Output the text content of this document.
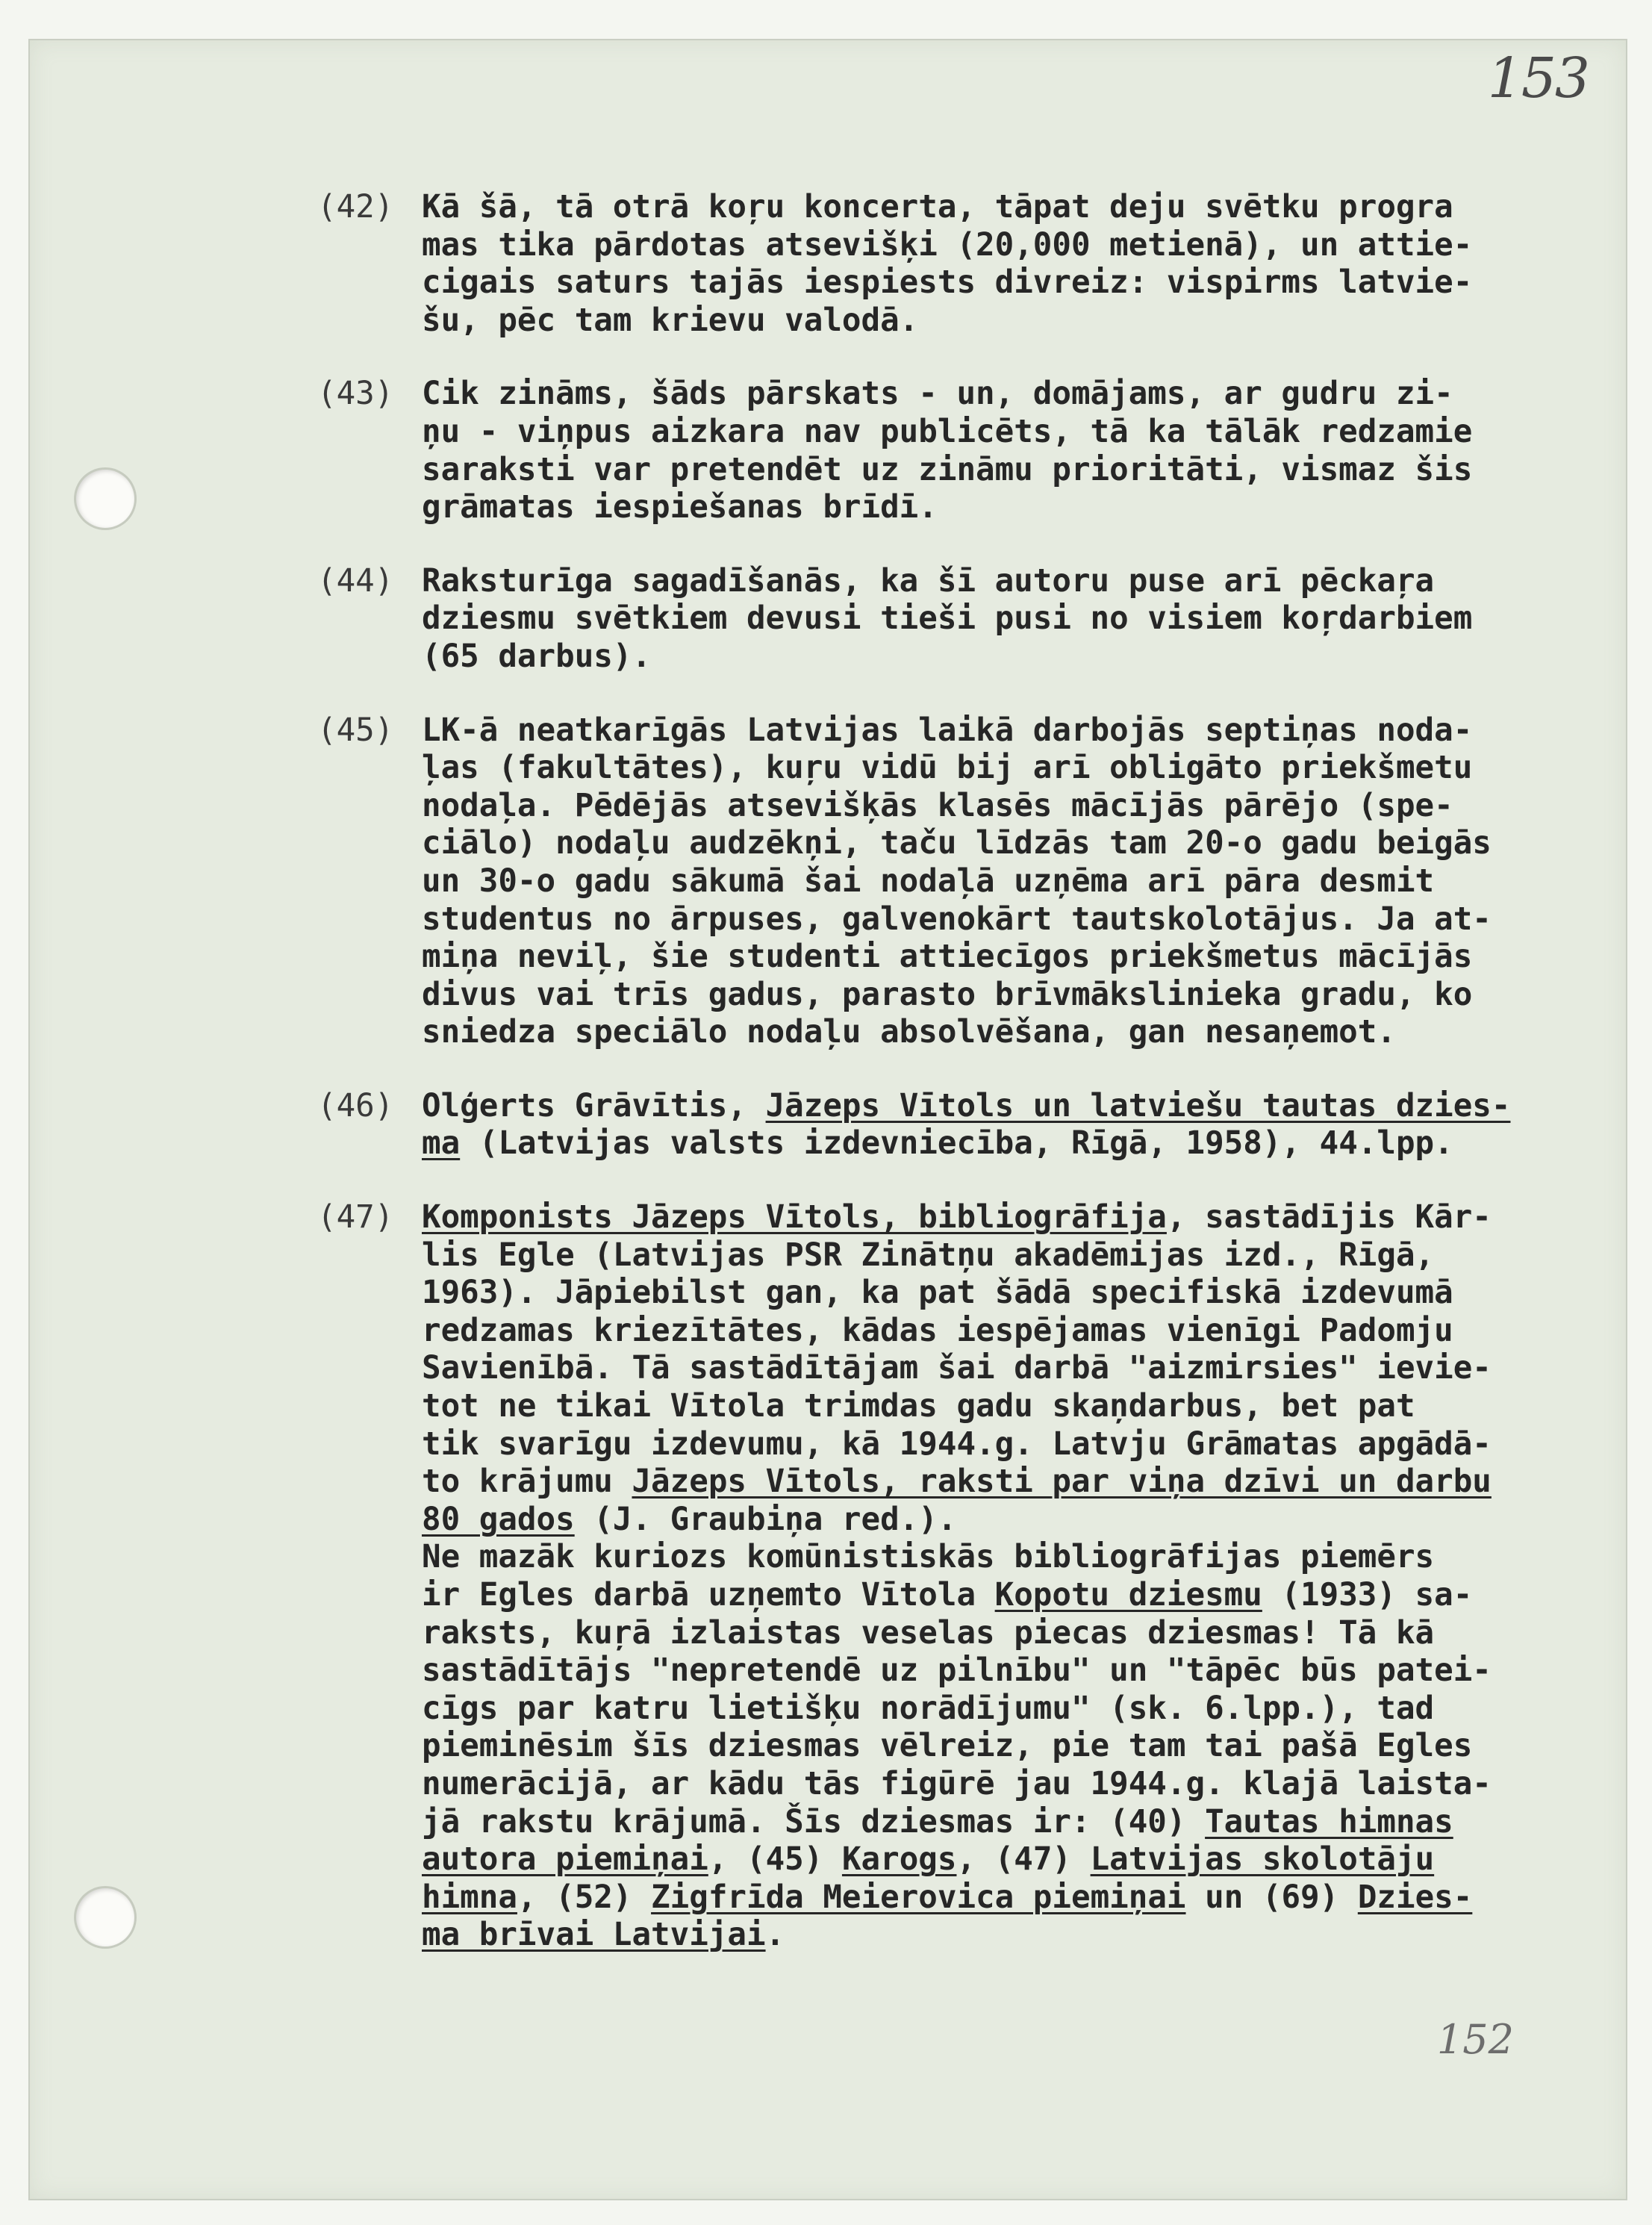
153
152
(42) Kā šā, tā otrā koŗu koncerta, tāpat deju svētku progra
mas tika pārdotas atsevišķi (20,000 metienā), un attie-
cigais saturs tajās iespiests divreiz: vispirms latvie-
šu, pēc tam krievu valodā.
(43) Cik zināms, šāds pārskats - un, domājams, ar gudru zi-
ņu - viņpus aizkara nav publicēts, tā ka tālāk redzamie
saraksti var pretendēt uz zināmu prioritāti, vismaz šis
grāmatas iespiešanas brīdī.
(44) Raksturīga sagadīšanās, ka šī autoru puse arī pēckaŗa
dziesmu svētkiem devusi tieši pusi no visiem koŗdarbiem
(65 darbus).
(45) LK-ā neatkarīgās Latvijas laikā darbojās septiņas noda-
ļas (fakultātes), kuŗu vidū bij arī obligāto priekšmetu
nodaļa. Pēdējās atsevišķās klasēs mācījās pārējo (spe-
ciālo) nodaļu audzēkņi, taču līdzās tam 20-o gadu beigās
un 30-o gadu sākumā šai nodaļā uzņēma arī pāra desmit
studentus no ārpuses, galvenokārt tautskolotājus. Ja at-
miņa neviļ, šie studenti attiecīgos priekšmetus mācījās
divus vai trīs gadus, parasto brīvmākslinieka gradu, ko
sniedza speciālo nodaļu absolvēšana, gan nesaņemot.
(46) Olģerts Grāvītis, Jāzeps Vītols un latviešu tautas dzies-
ma (Latvijas valsts izdevniecība, Rīgā, 1958), 44.lpp.
(47) Komponists Jāzeps Vītols, bibliogrāfija, sastādījis Kār-
lis Egle (Latvijas PSR Zinātņu akadēmijas izd., Rīgā,
1963). Jāpiebilst gan, ka pat šādā specifiskā izdevumā
redzamas kriezītātes, kādas iespējamas vienīgi Padomju
Savienībā. Tā sastādītājam šai darbā "aizmirsies" ievie-
tot ne tikai Vītola trimdas gadu skaņdarbus, bet pat
tik svarīgu izdevumu, kā 1944.g. Latvju Grāmatas apgādā-
to krājumu Jāzeps Vītols, raksti par viņa dzīvi un darbu
80 gados (J. Graubiņa red.).
Ne mazāk kuriozs komūnistiskās bibliogrāfijas piemērs
ir Egles darbā uzņemto Vītola Kopotu dziesmu (1933) sa-
raksts, kuŗā izlaistas veselas piecas dziesmas! Tā kā
sastādītājs "nepretendē uz pilnību" un "tāpēc būs patei-
cīgs par katru lietišķu norādījumu" (sk. 6.lpp.), tad
pieminēsim šīs dziesmas vēlreiz, pie tam tai pašā Egles
numerācijā, ar kādu tās figūrē jau 1944.g. klajā laista-
jā rakstu krājumā. Šīs dziesmas ir: (40) Tautas himnas
autora piemiņai, (45) Karogs, (47) Latvijas skolotāju
himna, (52) Zigfrīda Meierovica piemiņai un (69) Dzies-
ma brīvai Latvijai.
